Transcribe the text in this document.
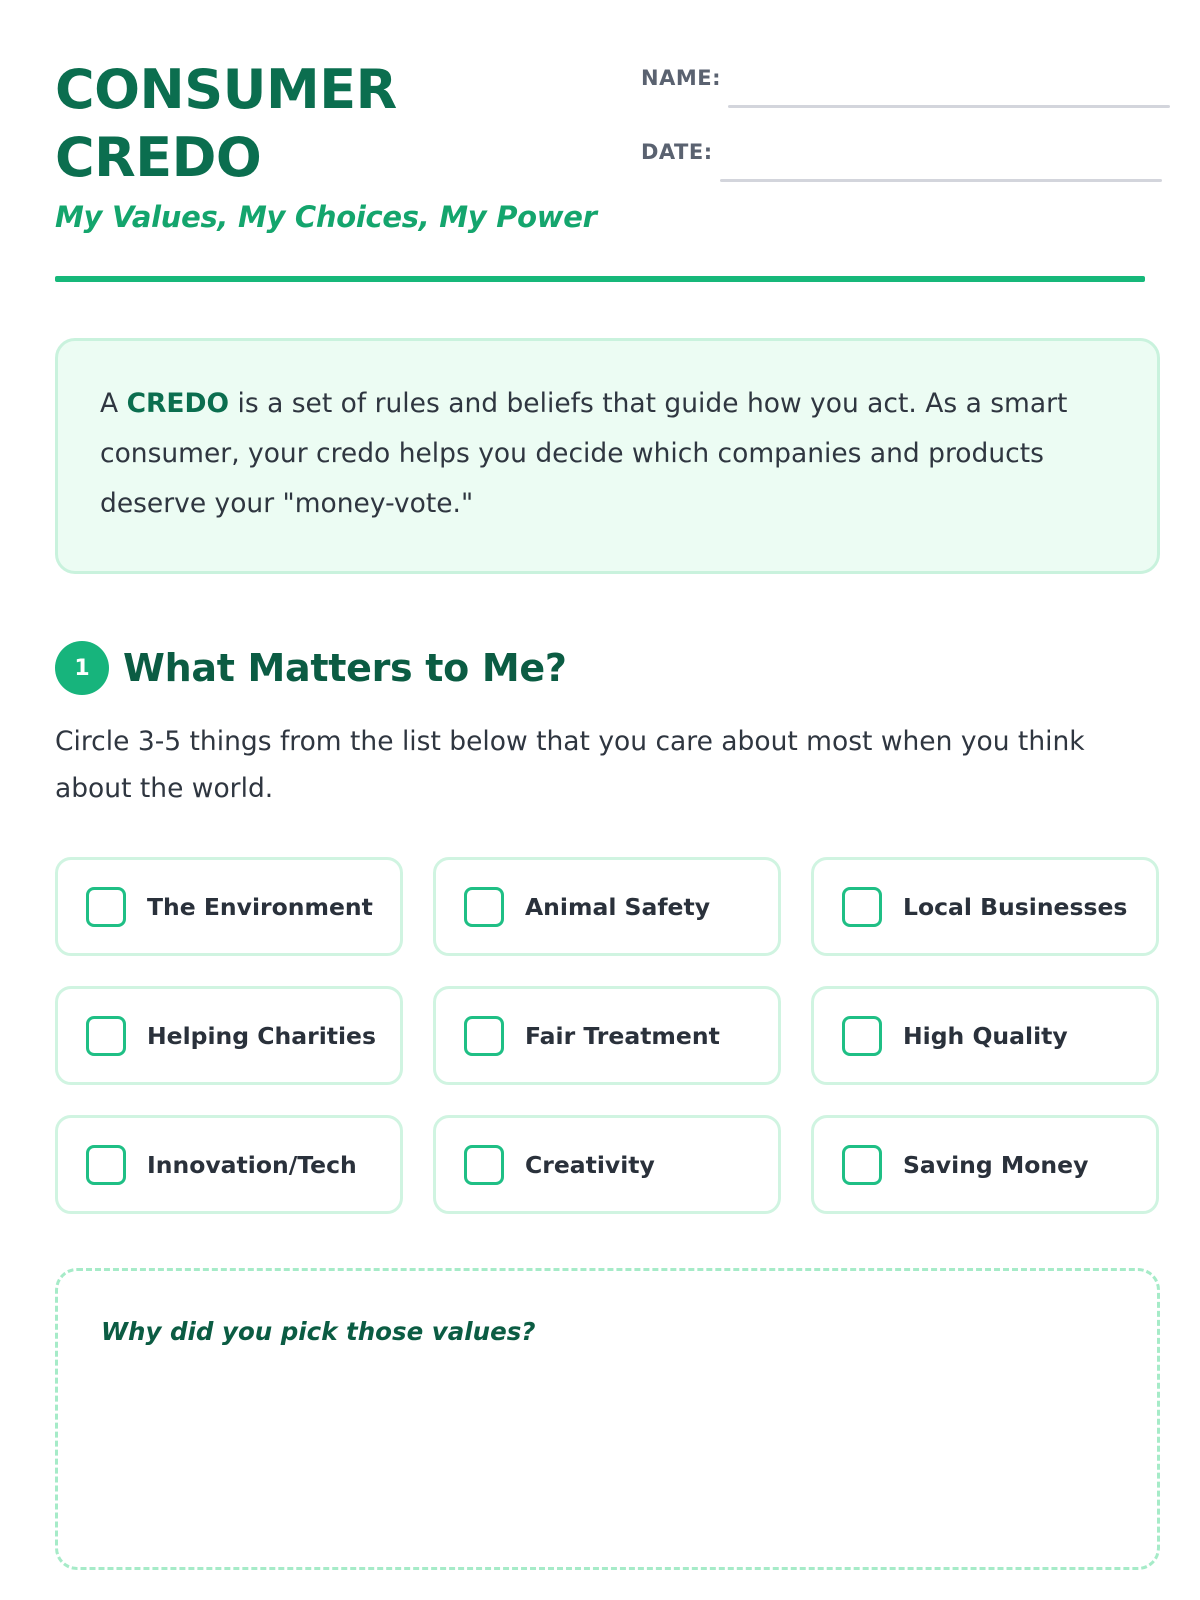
CONSUMER
CREDO
My Values, My Choices, My Power
NAME:
DATE:
A CREDO is a set of rules and beliefs that guide how you act. As a smart consumer, your credo helps you decide which companies and products deserve your "money-vote."
1 What Matters to Me?

Circle 3-5 things from the list below that you care about most when you think about the world.

The Environment	Animal Safety	Local Businesses
Helping Charities	Fair Treatment	High Quality
Innovation/Tech	Creativity	Saving Money

Why did you pick those values?
